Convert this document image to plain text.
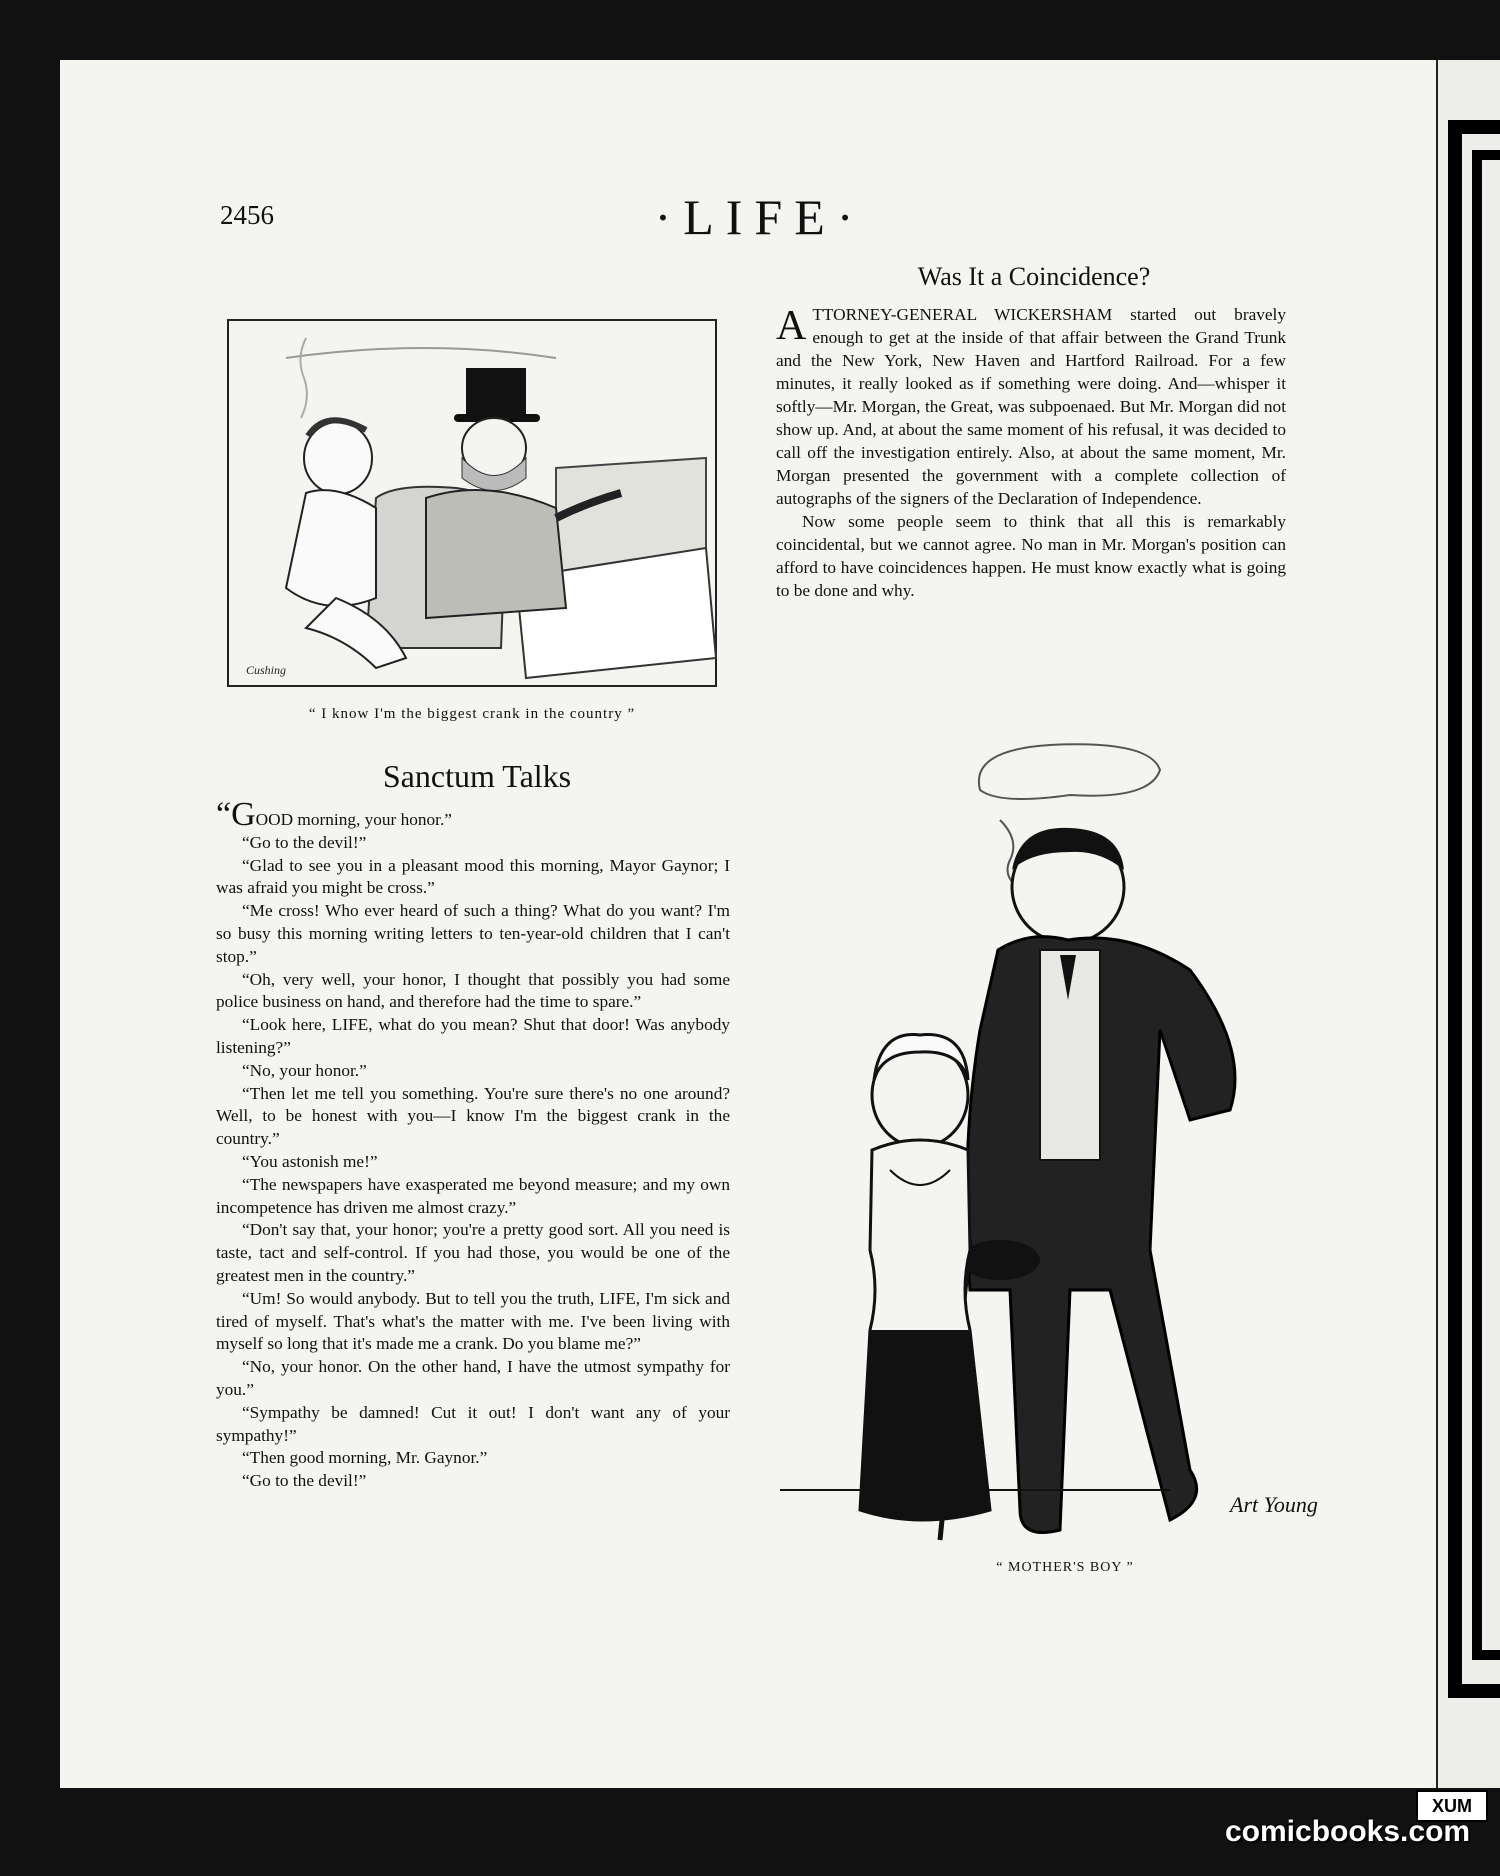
2456	·LIFE·
Cushing
“ I know I'm the biggest crank in the country ”
Was It a Coincidence?

ATTORNEY-GENERAL WICKERSHAM started out bravely enough to get at the inside of that affair between the Grand Trunk and the New York, New Haven and Hartford Railroad. For a few minutes, it really looked as if something were doing. And—whisper it softly—Mr. Morgan, the Great, was subpoenaed. But Mr. Morgan did not show up. And, at about the same moment of his refusal, it was decided to call off the investigation entirely. Also, at about the same moment, Mr. Morgan presented the government with a complete collection of autographs of the signers of the Declaration of Independence.

Now some people seem to think that all this is remarkably coincidental, but we cannot agree. No man in Mr. Morgan's position can afford to have coincidences happen. He must know exactly what is going to be done and why.

Sanctum Talks

“GOOD morning, your honor.”

“Go to the devil!”

“Glad to see you in a pleasant mood this morning, Mayor Gaynor; I was afraid you might be cross.”

“Me cross! Who ever heard of such a thing? What do you want? I'm so busy this morning writing letters to ten-year-old children that I can't stop.”

“Oh, very well, your honor, I thought that possibly you had some police business on hand, and therefore had the time to spare.”

“Look here, LIFE, what do you mean? Shut that door! Was anybody listening?”

“No, your honor.”

“Then let me tell you something. You're sure there's no one around? Well, to be honest with you—I know I'm the biggest crank in the country.”

“You astonish me!”

“The newspapers have exasperated me beyond measure; and my own incompetence has driven me almost crazy.”

“Don't say that, your honor; you're a pretty good sort. All you need is taste, tact and self-control. If you had those, you would be one of the greatest men in the country.”

“Um! So would anybody. But to tell you the truth, LIFE, I'm sick and tired of myself. That's what's the matter with me. I've been living with myself so long that it's made me a crank. Do you blame me?”

“No, your honor. On the other hand, I have the utmost sympathy for you.”

“Sympathy be damned! Cut it out! I don't want any of your sympathy!”

“Then good morning, Mr. Gaynor.”

“Go to the devil!”

Art Young
“ MOTHER'S BOY ”
XUM
comicbooks.com
